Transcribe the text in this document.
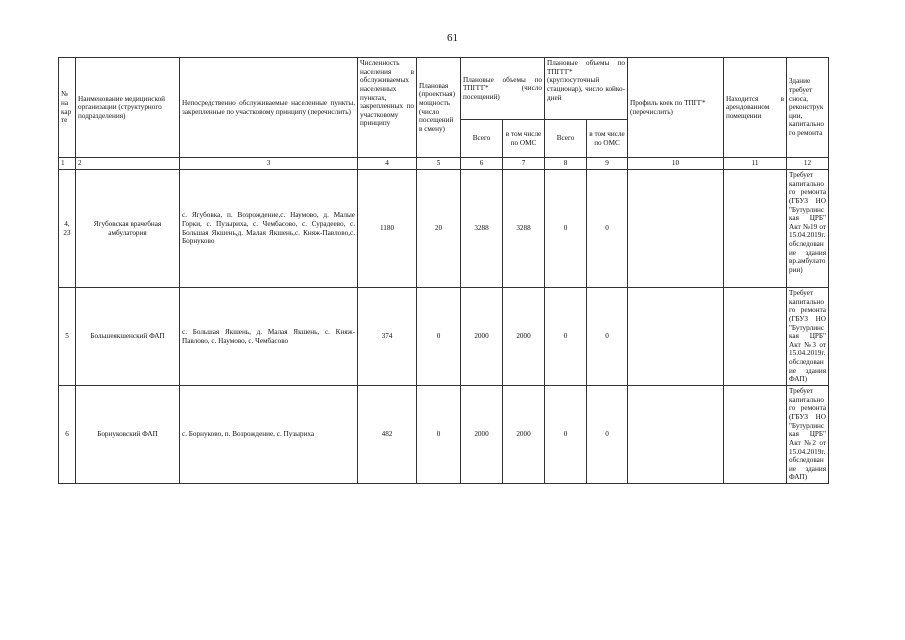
61
№ на карте	Наименование медицинской организации (структурного подразделения)	Непосредственно обслуживаемые населенные пункты, закрепленные по участковому принципу (перечислить)	Численность населения в обслуживаемых населенных пунктах, закрепленных по участковому принципу	Плановая (проектная) мощность (число посещений в смену)	Плановые объемы по ТПГГГ* (число посещений)		Плановые объемы по ТПГГГ* (круглосуточный стационар), число койко-дней		Профиль коек по ТПГГ* (перечислить)	Находится в арендованном помещении	Здание требует сноса, реконструкции, капитального ремонта
					Всего	в том числе по ОМС	Всего	в том числе по ОМС			
1	2	3	4	5	6	7	8	9	10	11	12
4, 23	Ягубовская врачебная амбулатория	с. Ягубовка, п. Возрождение,с. Наумово, д. Малые Горки, с. Пузыриха, с. Чембасово, с. Сурадеево, с. Большая Якшень,д. Малая Якшень,с. Княж-Павлово,с. Борнуково	1180	20	3288	3288	0	0			Требует капитального ремонта (ГБУЗ НО "Бутурлинская ЦРБ" Акт №19 от 15.04.2019г. обследование здания вр.амбулатории)
5	Большеякшенский ФАП	с. Большая Якшень, д. Малая Якшень, с. Княж-Павлово, с. Наумово, с. Чембасово	374	0	2000	2000	0	0			Требует капитального ремонта (ГБУЗ НО "Бутурлинская ЦРБ" Акт №3 от 15.04.2019г. обследование здания ФАП)
6	Борнуковский ФАП	с. Борнуково, п. Возрождение, с. Пузыриха	482	0	2000	2000	0	0			Требует капитального ремонта (ГБУЗ НО "Бутурлинская ЦРБ" Акт №2 от 15.04.2019г. обследование здания ФАП)
